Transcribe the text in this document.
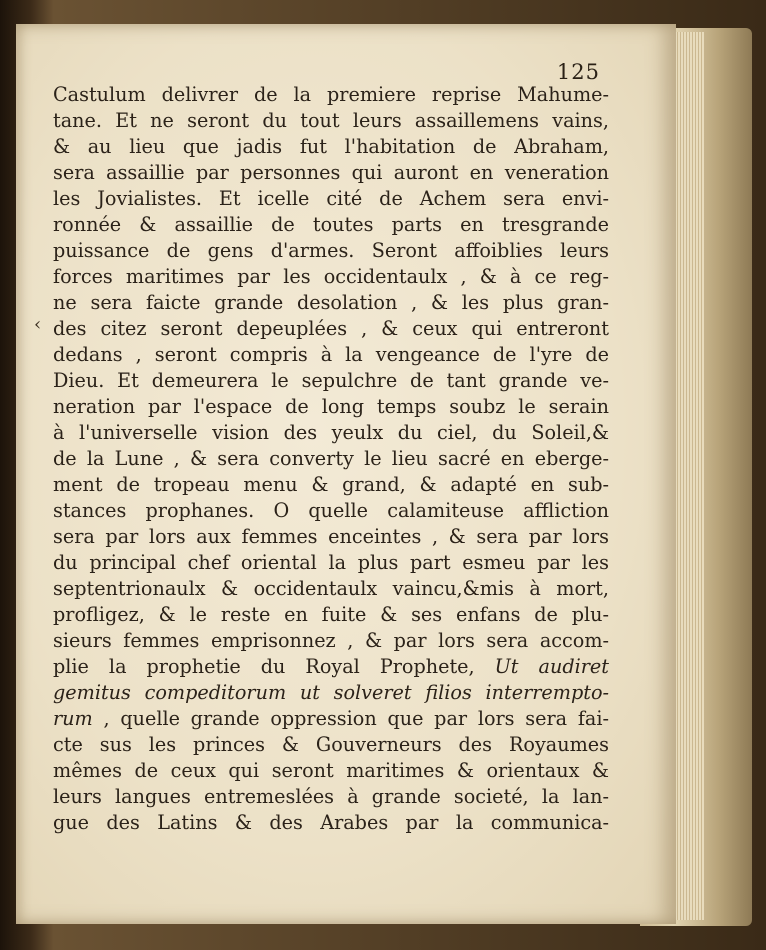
125
‹
Castulum delivrer de la premiere reprise Mahume-
tane. Et ne seront du tout leurs assaillemens vains,
& au lieu que jadis fut l'habitation de Abraham,
sera assaillie par personnes qui auront en veneration
les Jovialistes. Et icelle cité de Achem sera envi-
ronnée & assaillie de toutes parts en tresgrande
puissance de gens d'armes. Seront affoiblies leurs
forces maritimes par les occidentaulx , & à ce reg-
ne sera faicte grande desolation , & les plus gran-
des citez seront depeuplées , & ceux qui entreront
dedans , seront compris à la vengeance de l'yre de
Dieu. Et demeurera le sepulchre de tant grande ve-
neration par l'espace de long temps soubz le serain
à l'universelle vision des yeulx du ciel, du Soleil,&
de la Lune , & sera converty le lieu sacré en eberge-
ment de tropeau menu & grand, & adapté en sub-
stances prophanes. O quelle calamiteuse affliction
sera par lors aux femmes enceintes , & sera par lors
du principal chef oriental la plus part esmeu par les
septentrionaulx & occidentaulx vaincu,&mis à mort,
profligez, & le reste en fuite & ses enfans de plu-
sieurs femmes emprisonnez , & par lors sera accom-
plie la prophetie du Royal Prophete, Ut audiret
gemitus compeditorum ut solveret filios interrempto-
rum , quelle grande oppression que par lors sera fai-
cte sus les princes & Gouverneurs des Royaumes
mêmes de ceux qui seront maritimes & orientaux &
leurs langues entremeslées à grande societé, la lan-
gue des Latins & des Arabes par la communica-
